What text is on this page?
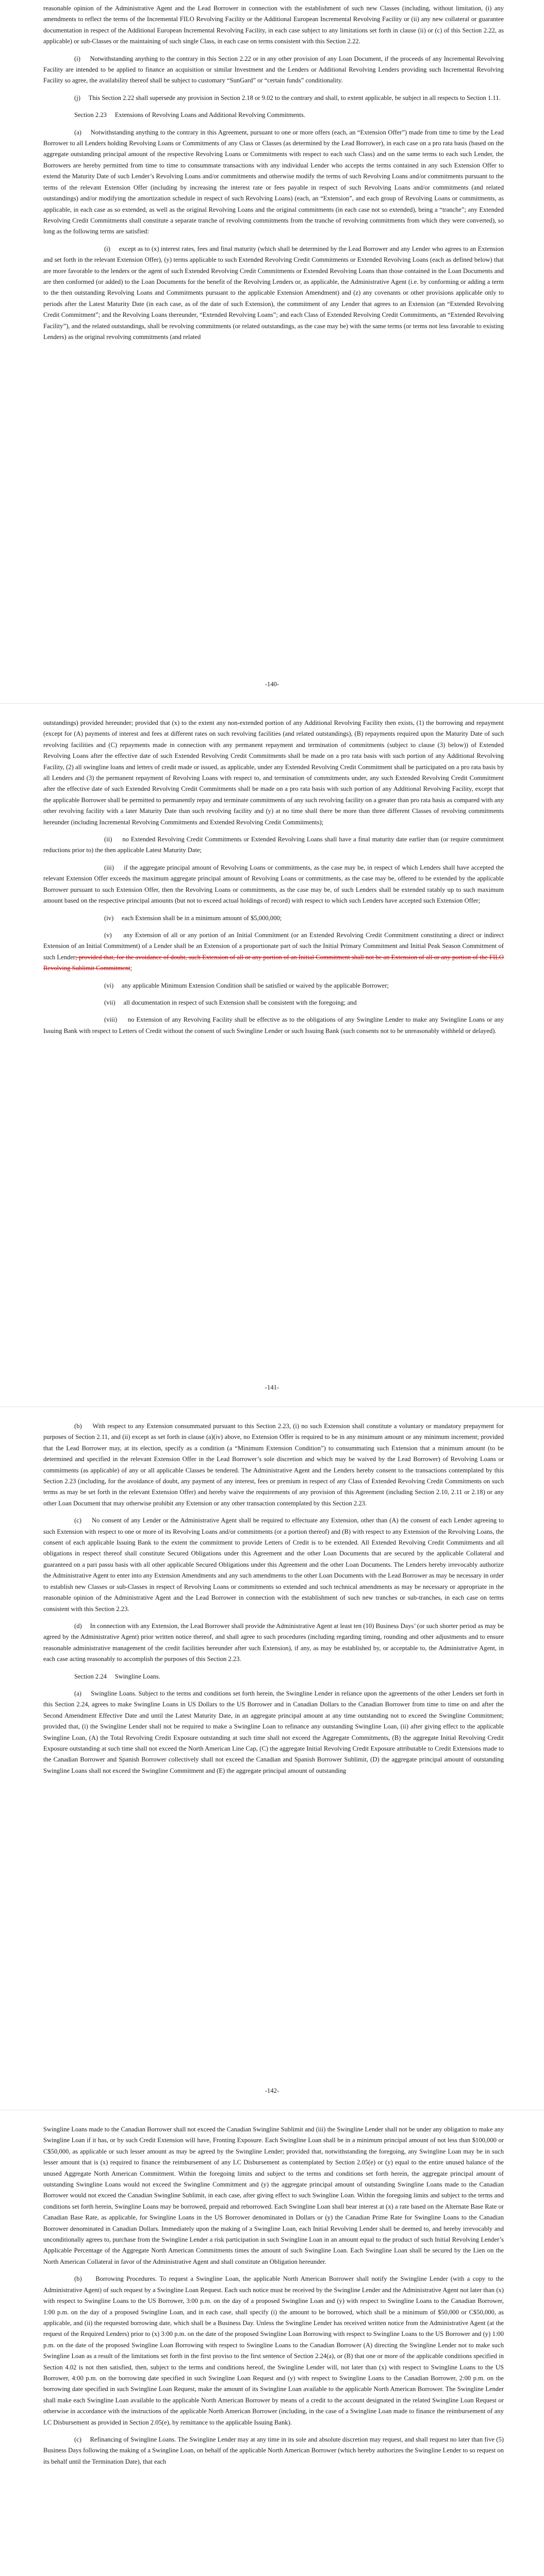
reasonable opinion of the Administrative Agent and the Lead Borrower in connection with the establishment of such new Classes (including, without limitation, (i) any amendments to reflect the terms of the Incremental FILO Revolving Facility or the Additional European Incremental Revolving Facility or (ii) any new collateral or guarantee documentation in respect of the Additional European Incremental Revolving Facility, in each case subject to any limitations set forth in clause (ii) or (c) of this Section 2.22, as applicable) or sub-Classes or the maintaining of such single Class, in each case on terms consistent with this Section 2.22.

(i)     Notwithstanding anything to the contrary in this Section 2.22 or in any other provision of any Loan Document, if the proceeds of any Incremental Revolving Facility are intended to be applied to finance an acquisition or similar Investment and the Lenders or Additional Revolving Lenders providing such Incremental Revolving Facility so agree, the availability thereof shall be subject to customary “SunGard” or “certain funds” conditionality.

(j)     This Section 2.22 shall supersede any provision in Section 2.18 or 9.02 to the contrary and shall, to extent applicable, be subject in all respects to Section 1.11.

Section 2.23     Extensions of Revolving Loans and Additional Revolving Commitments.

(a)     Notwithstanding anything to the contrary in this Agreement, pursuant to one or more offers (each, an “Extension Offer”) made from time to time by the Lead Borrower to all Lenders holding Revolving Loans or Commitments of any Class or Classes (as determined by the Lead Borrower), in each case on a pro rata basis (based on the aggregate outstanding principal amount of the respective Revolving Loans or Commitments with respect to each such Class) and on the same terms to each such Lender, the Borrowers are hereby permitted from time to time to consummate transactions with any individual Lender who accepts the terms contained in any such Extension Offer to extend the Maturity Date of such Lender’s Revolving Loans and/or commitments and otherwise modify the terms of such Revolving Loans and/or commitments pursuant to the terms of the relevant Extension Offer (including by increasing the interest rate or fees payable in respect of such Revolving Loans and/or commitments (and related outstandings) and/or modifying the amortization schedule in respect of such Revolving Loans) (each, an “Extension”, and each group of Revolving Loans or commitments, as applicable, in each case as so extended, as well as the original Revolving Loans and the original commitments (in each case not so extended), being a “tranche”; any Extended Revolving Credit Commitments shall constitute a separate tranche of revolving commitments from the tranche of revolving commitments from which they were converted), so long as the following terms are satisfied:

(i)     except as to (x) interest rates, fees and final maturity (which shall be determined by the Lead Borrower and any Lender who agrees to an Extension and set forth in the relevant Extension Offer), (y) terms applicable to such Extended Revolving Credit Commitments or Extended Revolving Loans (each as defined below) that are more favorable to the lenders or the agent of such Extended Revolving Credit Commitments or Extended Revolving Loans than those contained in the Loan Documents and are then conformed (or added) to the Loan Documents for the benefit of the Revolving Lenders or, as applicable, the Administrative Agent (i.e. by conforming or adding a term to the then outstanding Revolving Loans and Commitments pursuant to the applicable Extension Amendment) and (z) any covenants or other provisions applicable only to periods after the Latest Maturity Date (in each case, as of the date of such Extension), the commitment of any Lender that agrees to an Extension (an “Extended Revolving Credit Commitment”; and the Revolving Loans thereunder, “Extended Revolving Loans”; and each Class of Extended Revolving Credit Commitments, an “Extended Revolving Facility”), and the related outstandings, shall be revolving commitments (or related outstandings, as the case may be) with the same terms (or terms not less favorable to existing Lenders) as the original revolving commitments (and related

-140-

outstandings) provided hereunder; provided that (x) to the extent any non-extended portion of any Additional Revolving Facility then exists, (1) the borrowing and repayment (except for (A) payments of interest and fees at different rates on such revolving facilities (and related outstandings), (B) repayments required upon the Maturity Date of such revolving facilities and (C) repayments made in connection with any permanent repayment and termination of commitments (subject to clause (3) below)) of Extended Revolving Loans after the effective date of such Extended Revolving Credit Commitments shall be made on a pro rata basis with such portion of any Additional Revolving Facility, (2) all swingline loans and letters of credit made or issued, as applicable, under any Extended Revolving Credit Commitment shall be participated on a pro rata basis by all Lenders and (3) the permanent repayment of Revolving Loans with respect to, and termination of commitments under, any such Extended Revolving Credit Commitment after the effective date of such Extended Revolving Credit Commitments shall be made on a pro rata basis with such portion of any Additional Revolving Facility, except that the applicable Borrower shall be permitted to permanently repay and terminate commitments of any such revolving facility on a greater than pro rata basis as compared with any other revolving facility with a later Maturity Date than such revolving facility and (y) at no time shall there be more than three different Classes of revolving commitments hereunder (including Incremental Revolving Commitments and Extended Revolving Credit Commitments);

(ii)     no Extended Revolving Credit Commitments or Extended Revolving Loans shall have a final maturity date earlier than (or require commitment reductions prior to) the then applicable Latest Maturity Date;

(iii)     if the aggregate principal amount of Revolving Loans or commitments, as the case may be, in respect of which Lenders shall have accepted the relevant Extension Offer exceeds the maximum aggregate principal amount of Revolving Loans or commitments, as the case may be, offered to be extended by the applicable Borrower pursuant to such Extension Offer, then the Revolving Loans or commitments, as the case may be, of such Lenders shall be extended ratably up to such maximum amount based on the respective principal amounts (but not to exceed actual holdings of record) with respect to which such Lenders have accepted such Extension Offer;

(iv)     each Extension shall be in a minimum amount of $5,000,000;

(v)     any Extension of all or any portion of an Initial Commitment (or an Extended Revolving Credit Commitment constituting a direct or indirect Extension of an Initial Commitment) of a Lender shall be an Extension of a proportionate part of such the Initial Primary Commitment and Initial Peak Season Commitment of such Lender; provided that, for the avoidance of doubt, such Extension of all or any portion of an Initial Commitment shall not be an Extension of all or any portion of the FILO Revolving Sublimit Commitment;

(vi)     any applicable Minimum Extension Condition shall be satisfied or waived by the applicable Borrower;

(vii)     all documentation in respect of such Extension shall be consistent with the foregoing; and

(viii)     no Extension of any Revolving Facility shall be effective as to the obligations of any Swingline Lender to make any Swingline Loans or any Issuing Bank with respect to Letters of Credit without the consent of such Swingline Lender or such Issuing Bank (such consents not to be unreasonably withheld or delayed).

-141-

(b)     With respect to any Extension consummated pursuant to this Section 2.23, (i) no such Extension shall constitute a voluntary or mandatory prepayment for purposes of Section 2.11, and (ii) except as set forth in clause (a)(iv) above, no Extension Offer is required to be in any minimum amount or any minimum increment; provided that the Lead Borrower may, at its election, specify as a condition (a “Minimum Extension Condition”) to consummating such Extension that a minimum amount (to be determined and specified in the relevant Extension Offer in the Lead Borrower’s sole discretion and which may be waived by the Lead Borrower) of Revolving Loans or commitments (as applicable) of any or all applicable Classes be tendered. The Administrative Agent and the Lenders hereby consent to the transactions contemplated by this Section 2.23 (including, for the avoidance of doubt, any payment of any interest, fees or premium in respect of any Class of Extended Revolving Credit Commitments on such terms as may be set forth in the relevant Extension Offer) and hereby waive the requirements of any provision of this Agreement (including Section 2.10, 2.11 or 2.18) or any other Loan Document that may otherwise prohibit any Extension or any other transaction contemplated by this Section 2.23.

(c)     No consent of any Lender or the Administrative Agent shall be required to effectuate any Extension, other than (A) the consent of each Lender agreeing to such Extension with respect to one or more of its Revolving Loans and/or commitments (or a portion thereof) and (B) with respect to any Extension of the Revolving Loans, the consent of each applicable Issuing Bank to the extent the commitment to provide Letters of Credit is to be extended. All Extended Revolving Credit Commitments and all obligations in respect thereof shall constitute Secured Obligations under this Agreement and the other Loan Documents that are secured by the applicable Collateral and guaranteed on a pari passu basis with all other applicable Secured Obligations under this Agreement and the other Loan Documents. The Lenders hereby irrevocably authorize the Administrative Agent to enter into any Extension Amendments and any such amendments to the other Loan Documents with the Lead Borrower as may be necessary in order to establish new Classes or sub-Classes in respect of Revolving Loans or commitments so extended and such technical amendments as may be necessary or appropriate in the reasonable opinion of the Administrative Agent and the Lead Borrower in connection with the establishment of such new tranches or sub-tranches, in each case on terms consistent with this Section 2.23.

(d)     In connection with any Extension, the Lead Borrower shall provide the Administrative Agent at least ten (10) Business Days’ (or such shorter period as may be agreed by the Administrative Agent) prior written notice thereof, and shall agree to such procedures (including regarding timing, rounding and other adjustments and to ensure reasonable administrative management of the credit facilities hereunder after such Extension), if any, as may be established by, or acceptable to, the Administrative Agent, in each case acting reasonably to accomplish the purposes of this Section 2.23.

Section 2.24     Swingline Loans.

(a)     Swingline Loans. Subject to the terms and conditions set forth herein, the Swingline Lender in reliance upon the agreements of the other Lenders set forth in this Section 2.24, agrees to make Swingline Loans in US Dollars to the US Borrower and in Canadian Dollars to the Canadian Borrower from time to time on and after the Second Amendment Effective Date and until the Latest Maturity Date, in an aggregate principal amount at any time outstanding not to exceed the Swingline Commitment; provided that, (i) the Swingline Lender shall not be required to make a Swingline Loan to refinance any outstanding Swingline Loan, (ii) after giving effect to the applicable Swingline Loan, (A) the Total Revolving Credit Exposure outstanding at such time shall not exceed the Aggregate Commitments, (B) the aggregate Initial Revolving Credit Exposure outstanding at such time shall not exceed the North American Line Cap, (C) the aggregate Initial Revolving Credit Exposure attributable to Credit Extensions made to the Canadian Borrower and Spanish Borrower collectively shall not exceed the Canadian and Spanish Borrower Sublimit, (D) the aggregate principal amount of outstanding Swingline Loans shall not exceed the Swingline Commitment and (E) the aggregate principal amount of outstanding

-142-

Swingline Loans made to the Canadian Borrower shall not exceed the Canadian Swingline Sublimit and (iii) the Swingline Lender shall not be under any obligation to make any Swingline Loan if it has, or by such Credit Extension will have, Fronting Exposure. Each Swingline Loan shall be in a minimum principal amount of not less than $100,000 or C$50,000, as applicable or such lesser amount as may be agreed by the Swingline Lender; provided that, notwithstanding the foregoing, any Swingline Loan may be in such lesser amount that is (x) required to finance the reimbursement of any LC Disbursement as contemplated by Section 2.05(e) or (y) equal to the entire unused balance of the unused Aggregate North American Commitment. Within the foregoing limits and subject to the terms and conditions set forth herein, the aggregate principal amount of outstanding Swingline Loans would not exceed the Swingline Commitment and (y) the aggregate principal amount of outstanding Swingline Loans made to the Canadian Borrower would not exceed the Canadian Swingline Sublimit, in each case, after giving effect to such Swingline Loan. Within the foregoing limits and subject to the terms and conditions set forth herein, Swingline Loans may be borrowed, prepaid and reborrowed. Each Swingline Loan shall bear interest at (x) a rate based on the Alternate Base Rate or Canadian Base Rate, as applicable, for Swingline Loans in the US Borrower denominated in Dollars or (y) the Canadian Prime Rate for Swingline Loans to the Canadian Borrower denominated in Canadian Dollars. Immediately upon the making of a Swingline Loan, each Initial Revolving Lender shall be deemed to, and hereby irrevocably and unconditionally agrees to, purchase from the Swingline Lender a risk participation in such Swingline Loan in an amount equal to the product of such Initial Revolving Lender’s Applicable Percentage of the Aggregate North American Commitments times the amount of such Swingline Loan. Each Swingline Loan shall be secured by the Lien on the North American Collateral in favor of the Administrative Agent and shall constitute an Obligation hereunder.

(b)     Borrowing Procedures. To request a Swingline Loan, the applicable North American Borrower shall notify the Swingline Lender (with a copy to the Administrative Agent) of such request by a Swingline Loan Request. Each such notice must be received by the Swingline Lender and the Administrative Agent not later than (x) with respect to Swingline Loans to the US Borrower, 3:00 p.m. on the day of a proposed Swingline Loan and (y) with respect to Swingline Loans to the Canadian Borrower, 1:00 p.m. on the day of a proposed Swingline Loan, and in each case, shall specify (i) the amount to be borrowed, which shall be a minimum of $50,000 or C$50,000, as applicable, and (ii) the requested borrowing date, which shall be a Business Day. Unless the Swingline Lender has received written notice from the Administrative Agent (at the request of the Required Lenders) prior to (x) 3:00 p.m. on the date of the proposed Swingline Loan Borrowing with respect to Swingline Loans to the US Borrower and (y) 1:00 p.m. on the date of the proposed Swingline Loan Borrowing with respect to Swingline Loans to the Canadian Borrower (A) directing the Swingline Lender not to make such Swingline Loan as a result of the limitations set forth in the first proviso to the first sentence of Section 2.24(a), or (B) that one or more of the applicable conditions specified in Section 4.02 is not then satisfied, then, subject to the terms and conditions hereof, the Swingline Lender will, not later than (x) with respect to Swingline Loans to the US Borrower, 4:00 p.m. on the borrowing date specified in such Swingline Loan Request and (y) with respect to Swingline Loans to the Canadian Borrower, 2:00 p.m. on the borrowing date specified in such Swingline Loan Request, make the amount of its Swingline Loan available to the applicable North American Borrower. The Swingline Lender shall make each Swingline Loan available to the applicable North American Borrower by means of a credit to the account designated in the related Swingline Loan Request or otherwise in accordance with the instructions of the applicable North American Borrower (including, in the case of a Swingline Loan made to finance the reimbursement of any LC Disbursement as provided in Section 2.05(e), by remittance to the applicable Issuing Bank).

(c)     Refinancing of Swingline Loans. The Swingline Lender may at any time in its sole and absolute discretion may request, and shall request no later than five (5) Business Days following the making of a Swingline Loan, on behalf of the applicable North American Borrower (which hereby authorizes the Swingline Lender to so request on its behalf until the Termination Date), that each
